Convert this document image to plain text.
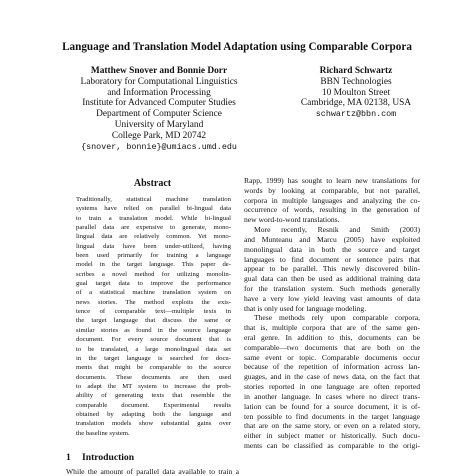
Language and Translation Model Adaptation using Comparable Corpora
Matthew Snover and Bonnie Dorr
Laboratory for Computational Linguistics
and Information Processing
Institute for Advanced Computer Studies
Department of Computer Science
University of Maryland
College Park, MD 20742
{snover, bonnie}@umiacs.umd.edu
Richard Schwartz
BBN Technologies
10 Moulton Street
Cambridge, MA 02138, USA
schwartz@bbn.com
Abstract
Traditionally, statistical machine translation
systems have relied on parallel bi-lingual data
to train a translation model. While bi-lingual
parallel data are expensive to generate, mono-
lingual data are relatively common. Yet mono-
lingual data have been under-utilized, having
been used primarily for training a language
model in the target language. This paper de-
scribes a novel method for utilizing monolin-
gual target data to improve the performance
of a statistical machine translation system on
news stories. The method exploits the exis-
tence of comparable text—multiple texts in
the target language that discuss the same or
similar stories as found in the source language
document. For every source document that is
to be translated, a large monolingual data set
in the target language is searched for docu-
ments that might be comparable to the source
documents. These documents are then used
to adapt the MT system to increase the prob-
ability of generating texts that resemble the
comparable document. Experimental results
obtained by adapting both the language and
translation models show substantial gains over
the baseline system.
1 Introduction
While the amount of parallel data available to train a
Rapp, 1999) has sought to learn new translations for
words by looking at comparable, but not parallel,
corpora in multiple languages and analyzing the co-
occurrence of words, resulting in the generation of
new word-to-word translations.
More recently, Resnik and Smith (2003)
and Munteanu and Marcu (2005) have exploited
monolingual data in both the source and target
languages to find document or sentence pairs that
appear to be parallel. This newly discovered bilin-
gual data can then be used as additional training data
for the translation system. Such methods generally
have a very low yield leaving vast amounts of data
that is only used for language modeling.
These methods rely upon comparable corpora,
that is, multiple corpora that are of the same gen-
eral genre. In addition to this, documents can be
comparable—two documents that are both on the
same event or topic. Comparable documents occur
because of the repetition of information across lan-
guages, and in the case of news data, on the fact that
stories reported in one language are often reported
in another language. In cases where no direct trans-
lation can be found for a source document, it is of-
ten possible to find documents in the target language
that are on the same story, or even on a related story,
either in subject matter or historically. Such docu-
ments can be classified as comparable to the origi-
